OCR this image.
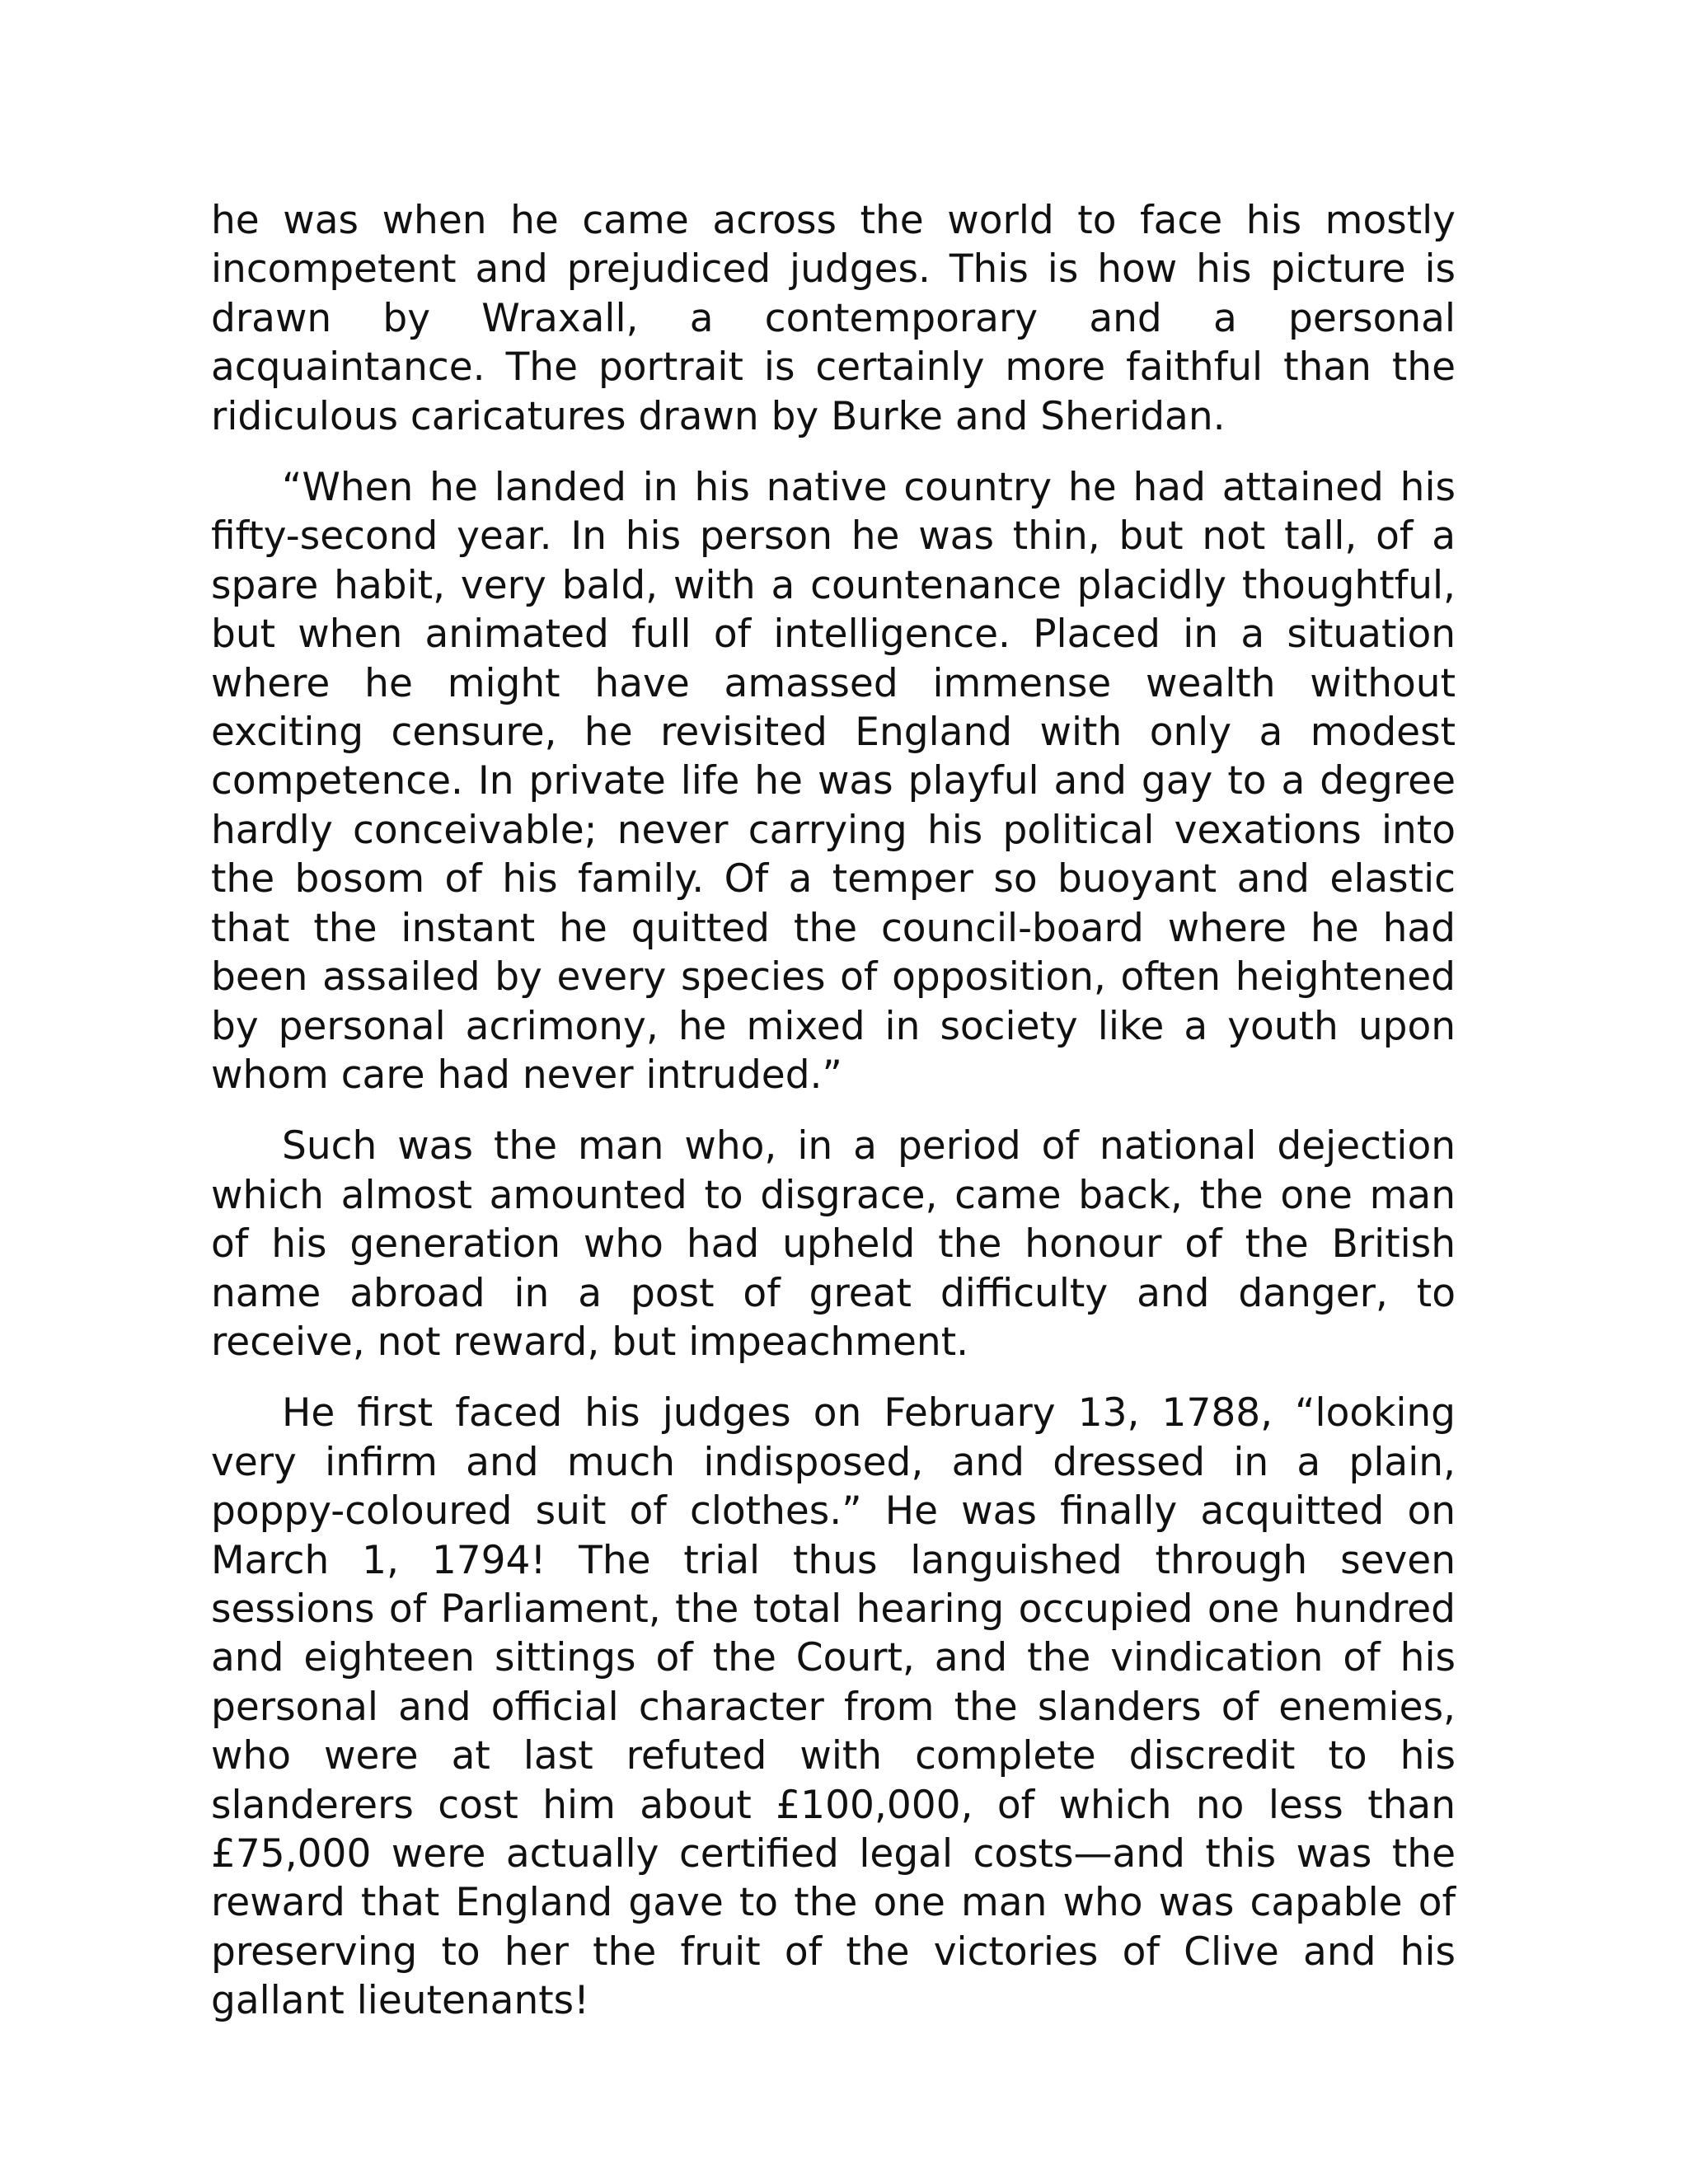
he was when he came across the world to face his mostly incompetent and prejudiced judges. This is how his picture is drawn by Wraxall, a contemporary and a personal acquaintance. The portrait is certainly more faithful than the ridiculous caricatures drawn by Burke and Sheridan.

“When he landed in his native country he had attained his fifty-second year. In his person he was thin, but not tall, of a spare habit, very bald, with a countenance placidly thoughtful, but when animated full of intelligence. Placed in a situation where he might have amassed immense wealth without exciting censure, he revisited England with only a modest competence. In private life he was playful and gay to a degree hardly conceivable; never carrying his political vexations into the bosom of his family. Of a temper so buoyant and elastic that the instant he quitted the council-board where he had been assailed by every species of opposition, often heightened by personal acrimony, he mixed in society like a youth upon whom care had never intruded.”

Such was the man who, in a period of national dejection which almost amounted to disgrace, came back, the one man of his generation who had upheld the honour of the British name abroad in a post of great difficulty and danger, to receive, not reward, but impeachment.

He first faced his judges on February 13, 1788, “looking very infirm and much indisposed, and dressed in a plain, poppy-coloured suit of clothes.” He was finally acquitted on March 1, 1794! The trial thus languished through seven sessions of Parliament, the total hearing occupied one hundred and eighteen sittings of the Court, and the vindication of his personal and official character from the slanders of enemies, who were at last refuted with complete discredit to his slanderers cost him about £100,000, of which no less than £75,000 were actually certified legal costs—and this was the reward that England gave to the one man who was capable of preserving to her the fruit of the victories of Clive and his gallant lieutenants!
